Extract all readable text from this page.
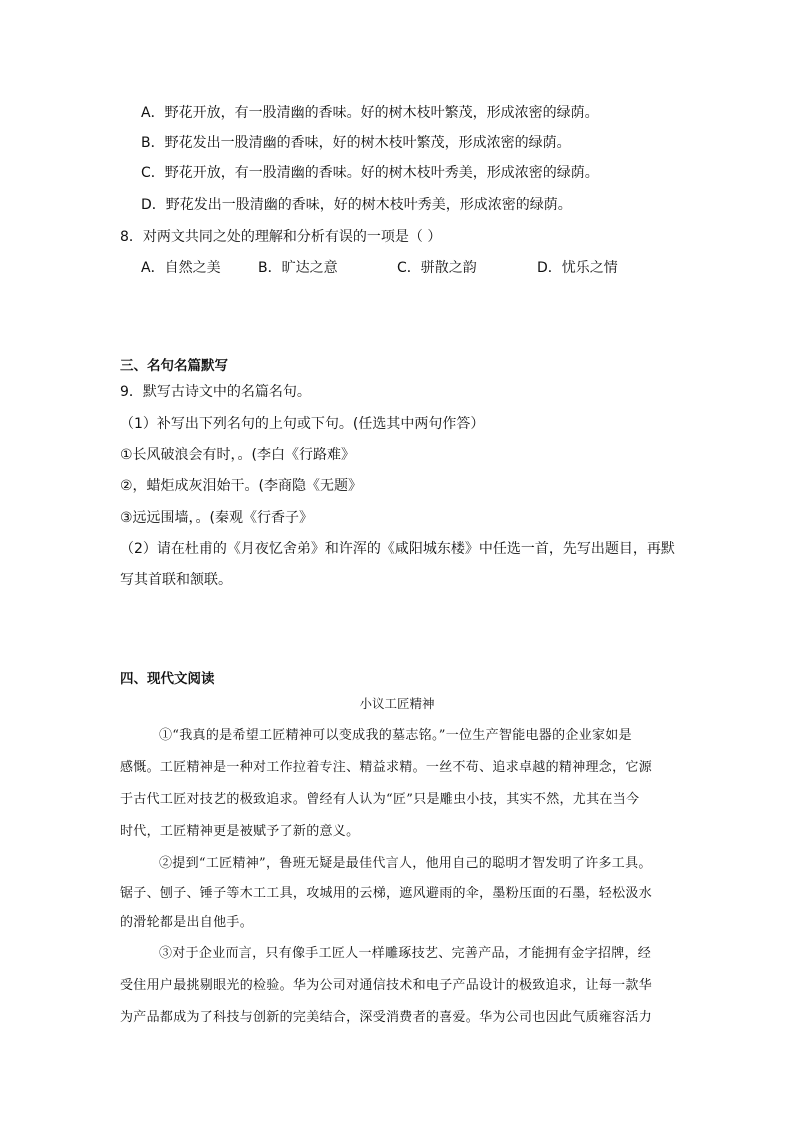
A．野花开放，有一股清幽的香味。好的树木枝叶繁茂，形成浓密的绿荫。
B．野花发出一股清幽的香味，好的树木枝叶繁茂，形成浓密的绿荫。
C．野花开放，有一股清幽的香味。好的树木枝叶秀美，形成浓密的绿荫。
D．野花发出一股清幽的香味，好的树木枝叶秀美，形成浓密的绿荫。
8．对两文共同之处的理解和分析有误的一项是（ ）
A．自然之美	B．旷达之意	C．骈散之韵	D．忧乐之情
三、名句名篇默写
9．默写古诗文中的名篇名句。
（1）补写出下列名句的上句或下句。(任选其中两句作答）
①长风破浪会有时，。(李白《行路难》
②，蜡炬成灰泪始干。(李商隐《无题》
③远远围墙，。(秦观《行香子》
（2）请在杜甫的《月夜忆舍弟》和许浑的《咸阳城东楼》中任选一首，先写出题目，再默
写其首联和颔联。
四、现代文阅读
小议工匠精神
①“我真的是希望工匠精神可以变成我的墓志铭。”一位生产智能电器的企业家如是
感慨。工匠精神是一种对工作拉着专注、精益求精。一丝不苟、追求卓越的精神理念，它源
于古代工匠对技艺的极致追求。曾经有人认为“匠”只是雕虫小技，其实不然，尤其在当今
时代，工匠精神更是被赋予了新的意义。
②提到“工匠精神”，鲁班无疑是最佳代言人，他用自己的聪明才智发明了许多工具。
锯子、刨子、锤子等木工工具，攻城用的云梯，遮风避雨的伞，墨粉压面的石墨，轻松汲水
的滑轮都是出自他手。
③对于企业而言，只有像手工匠人一样雕琢技艺、完善产品，才能拥有金字招牌，经
受住用户最挑剔眼光的检验。华为公司对通信技术和电子产品设计的极致追求，让每一款华
为产品都成为了科技与创新的完美结合，深受消费者的喜爱。华为公司也因此气质雍容活力
